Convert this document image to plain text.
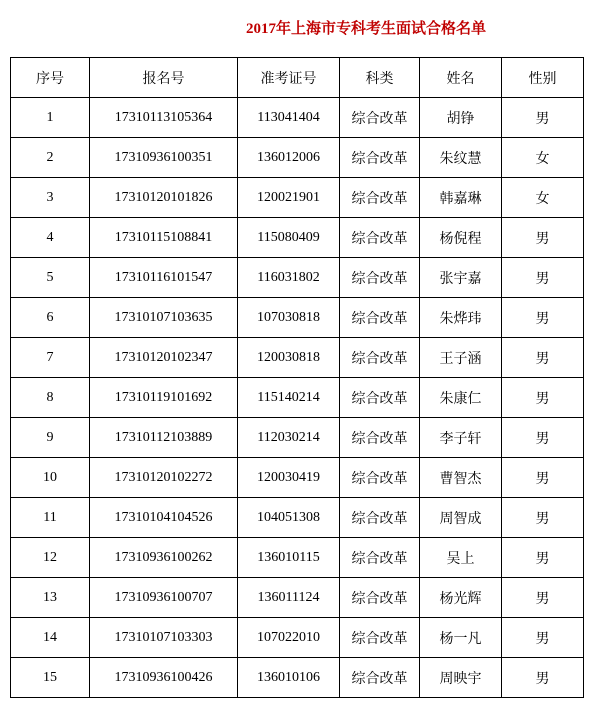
2017年上海市专科考生面试合格名单
序号	报名号	准考证号	科类	姓名	性别
1	17310113105364	113041404	综合改革	胡铮	男
2	17310936100351	136012006	综合改革	朱纹慧	女
3	17310120101826	120021901	综合改革	韩嘉琳	女
4	17310115108841	115080409	综合改革	杨倪程	男
5	17310116101547	116031802	综合改革	张宇嘉	男
6	17310107103635	107030818	综合改革	朱烨玮	男
7	17310120102347	120030818	综合改革	王子涵	男
8	17310119101692	115140214	综合改革	朱康仁	男
9	17310112103889	112030214	综合改革	李子轩	男
10	17310120102272	120030419	综合改革	曹智杰	男
11	17310104104526	104051308	综合改革	周智成	男
12	17310936100262	136010115	综合改革	吴上	男
13	17310936100707	136011124	综合改革	杨光辉	男
14	17310107103303	107022010	综合改革	杨一凡	男
15	17310936100426	136010106	综合改革	周映宇	男
